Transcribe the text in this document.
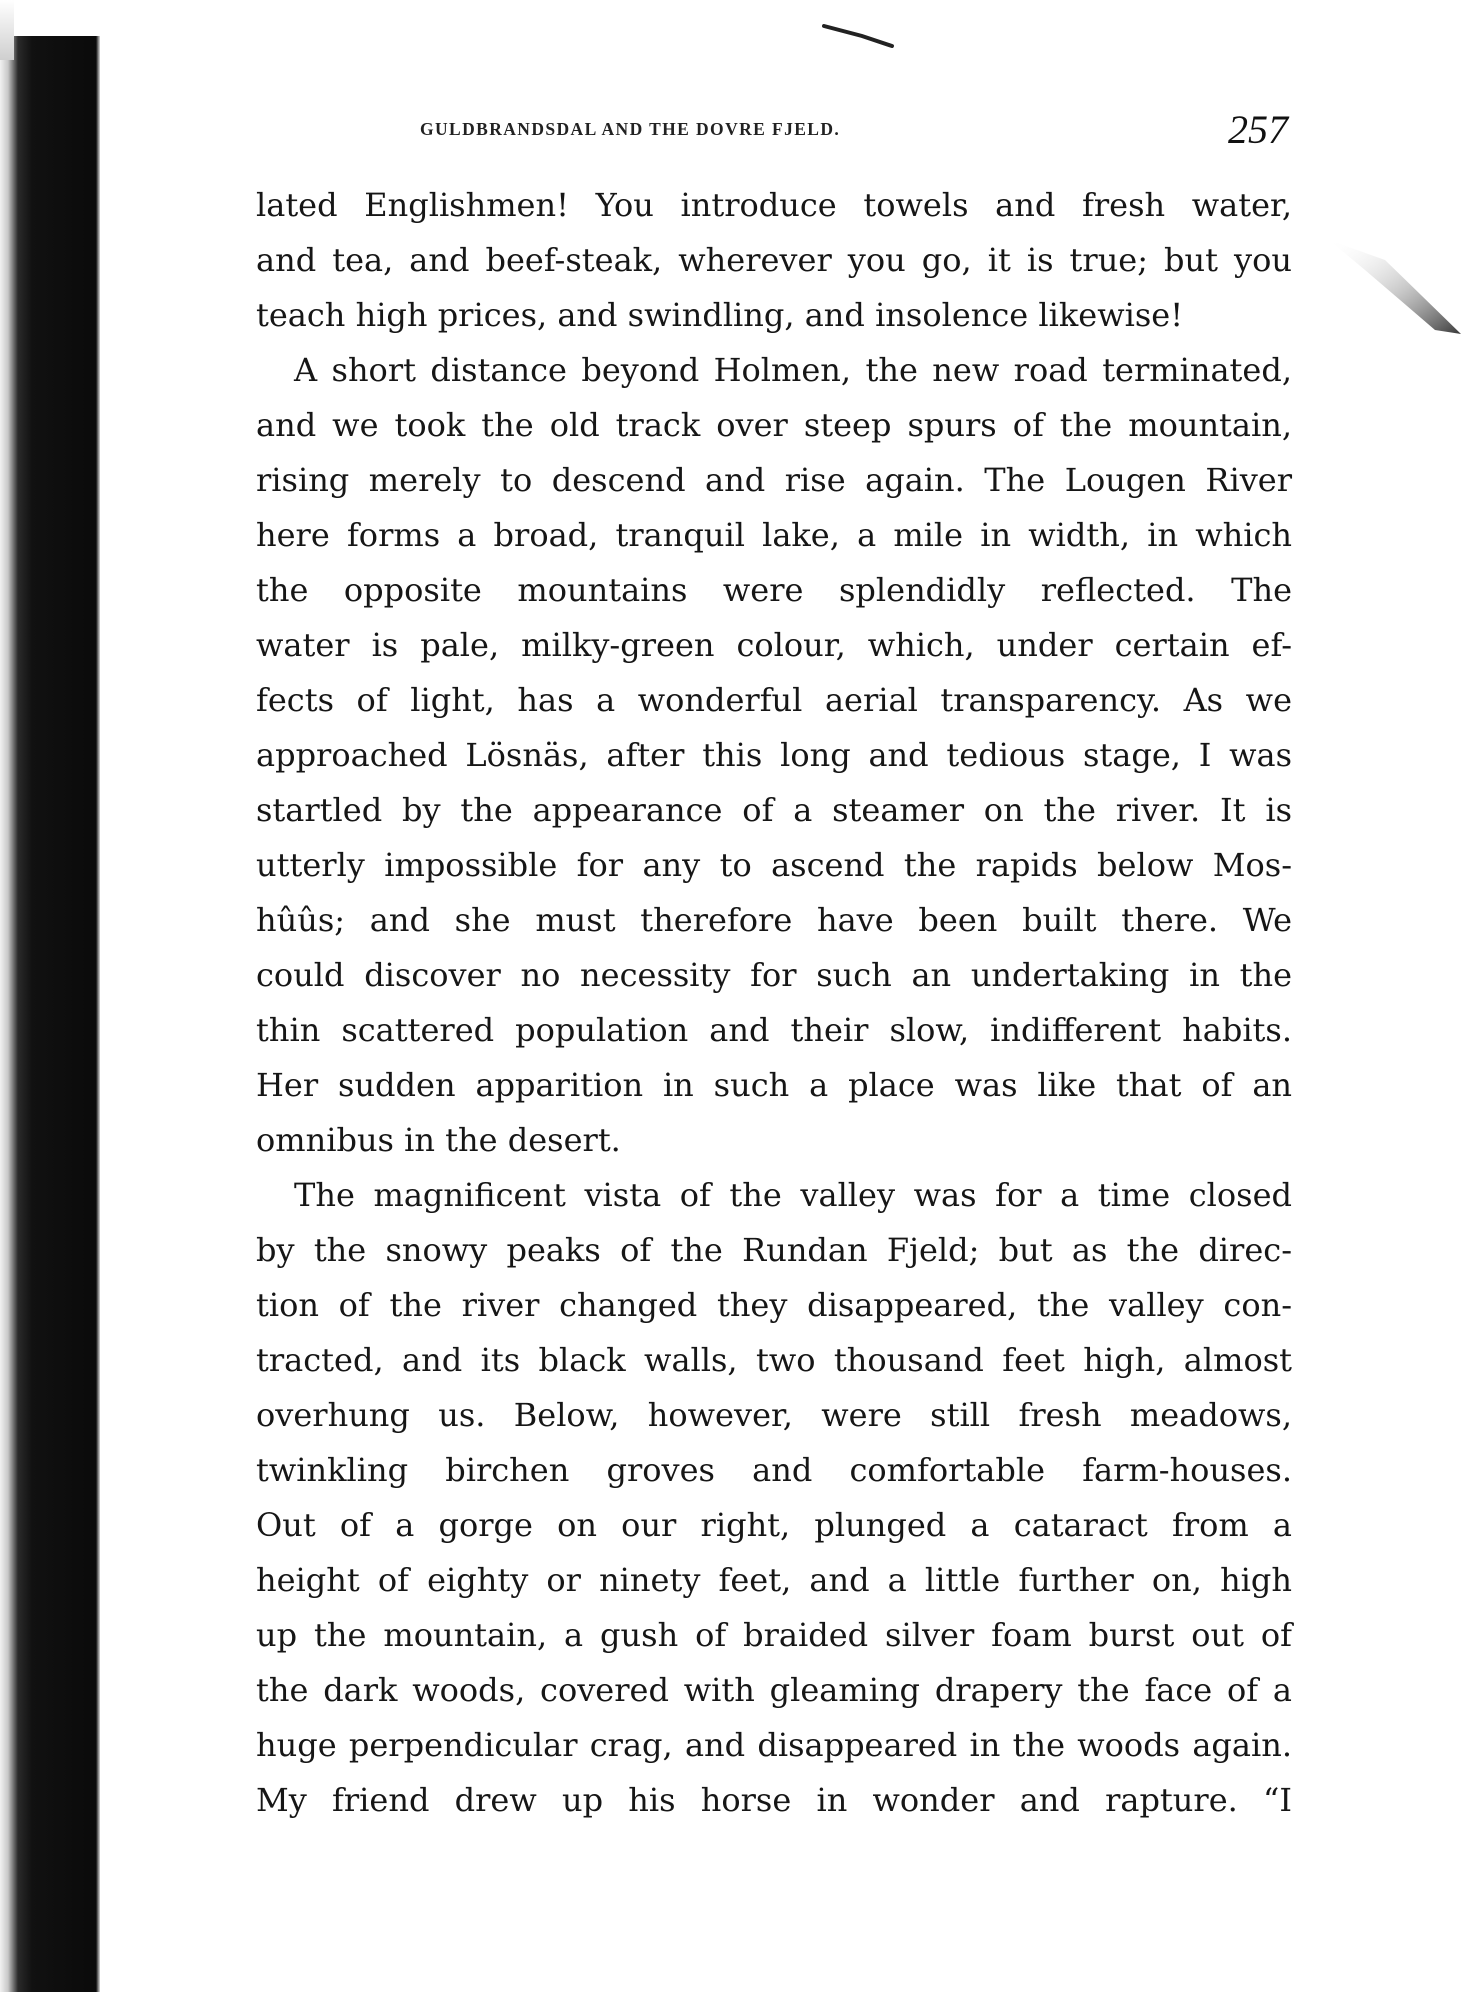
GULDBRANDSDAL AND THE DOVRE FJELD.	257
lated Englishmen! You introduce towels and fresh water,
and tea, and beef-steak, wherever you go, it is true; but you
teach high prices, and swindling, and insolence likewise!
A short distance beyond Holmen, the new road terminated,
and we took the old track over steep spurs of the mountain,
rising merely to descend and rise again. The Lougen River
here forms a broad, tranquil lake, a mile in width, in which
the opposite mountains were splendidly reflected. The
water is pale, milky-green colour, which, under certain ef-
fects of light, has a wonderful aerial transparency. As we
approached Lösnäs, after this long and tedious stage, I was
startled by the appearance of a steamer on the river. It is
utterly impossible for any to ascend the rapids below Mos-
hûûs; and she must therefore have been built there. We
could discover no necessity for such an undertaking in the
thin scattered population and their slow, indifferent habits.
Her sudden apparition in such a place was like that of an
omnibus in the desert.
The magnificent vista of the valley was for a time closed
by the snowy peaks of the Rundan Fjeld; but as the direc-
tion of the river changed they disappeared, the valley con-
tracted, and its black walls, two thousand feet high, almost
overhung us. Below, however, were still fresh meadows,
twinkling birchen groves and comfortable farm-houses.
Out of a gorge on our right, plunged a cataract from a
height of eighty or ninety feet, and a little further on, high
up the mountain, a gush of braided silver foam burst out of
the dark woods, covered with gleaming drapery the face of a
huge perpendicular crag, and disappeared in the woods again.
My friend drew up his horse in wonder and rapture. “I
